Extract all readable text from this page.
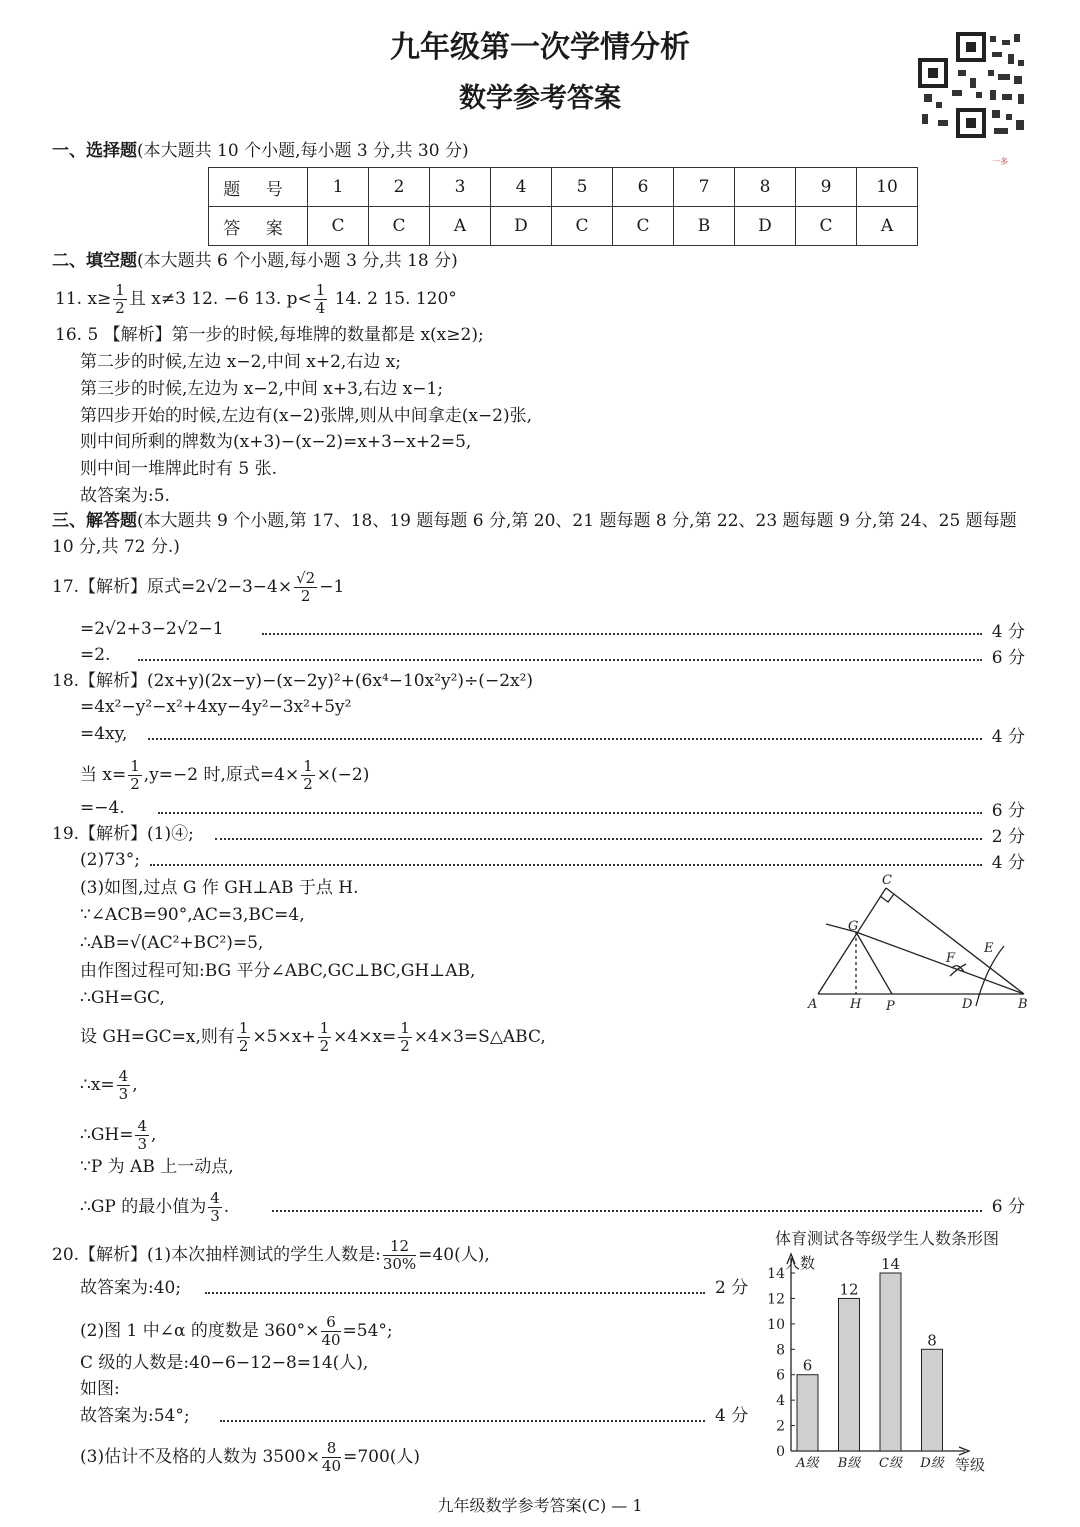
九年级第一次学情分析
数学参考答案
一多
一、选择题(本大题共 10 个小题,每小题 3 分,共 30 分)
题 号	1	2	3	4	5	6	7	8	9	10
答 案	C	C	A	D	C	C	B	D	C	A
二、填空题(本大题共 6 个小题,每小题 3 分,共 18 分)
11. $x\ge \frac{1}{2}$ 且 x≠3 12. −6 13. $p< \frac{1}{4} 14$. 2 15. 120°
16. 5 【解析】第一步的时候,每堆牌的数量都是 x(x≥2);
第二步的时候,左边 x−2,中间 x+2,右边 x;
第三步的时候,左边为 x−2,中间 x+3,右边 x−1;
第四步开始的时候,左边有(x−2)张牌,则从中间拿走(x−2)张,
则中间所剩的牌数为(x+3)−(x−2)=x+3−x+2=5,
则中间一堆牌此时有 5 张.
故答案为:5.
三、解答题(本大题共 9 个小题,第 17、18、19 题每题 6 分,第 20、21 题每题 8 分,第 22、23 题每题 9 分,第 24、25 题每题
10 分,共 72 分.)
17.【解析】原式$=2√2-3-4\times \frac{√2}{2} -1$
=2√2+3−2√2−1	4 分
=2.	6 分
18.【解析】(2x+y)(2x−y)−(x−2y)²+(6x⁴−10x²y²)÷(−2x²)
=4x²−y²−x²+4xy−4y²−3x²+5y²
=4xy,	4 分
当 $x= \frac{1}{2} ,y=-2$ 时,原式$=4\times \frac{1}{2} \times(-2)$
=−4.	6 分
19.【解析】(1)④;	2 分
(2)73°;	4 分
(3)如图,过点 G 作 GH⊥AB 于点 H.
∵∠ACB=90°,AC=3,BC=4,
∴AB=√(AC²+BC²)=5,
由作图过程可知:BG 平分∠ABC,GC⊥BC,GH⊥AB,
∴GH=GC,
设 GH=GC=x,则有 $\frac{1}{2} \times 5\times x+ \frac{1}{2} \times 4\times x= \frac{1}{2}$ ×4×3=S△ABC,
∴x= $\frac{4}{3}$ ,
∴GH= $\frac{4}{3}$ ,
∵P 为 AB 上一动点,
∴GP 的最小值为 $\frac{4}{3}$ .	6 分
C
G
A	H P	D	B
E
F
20.【解析】(1)本次抽样测试的学生人数是: $\frac{12}{30\%} =40$(人),
故答案为:40;	2 分
(2)图 1 中∠α 的度数是 $360^\circ\times \frac{6}{40} =54^\circ$;
C 级的人数是:40−6−12−8=14(人),
如图:
故答案为:54°;	4 分
(3)估计不及格的人数为 $3500\times \frac{8}{40} =700$(人)
体育测试各等级学生人数条形图
人数
等级
0
2
4
6
8
10
12
14
6
A级
12
B级
14
C级
8
D级
九年级数学参考答案(C) — 1
